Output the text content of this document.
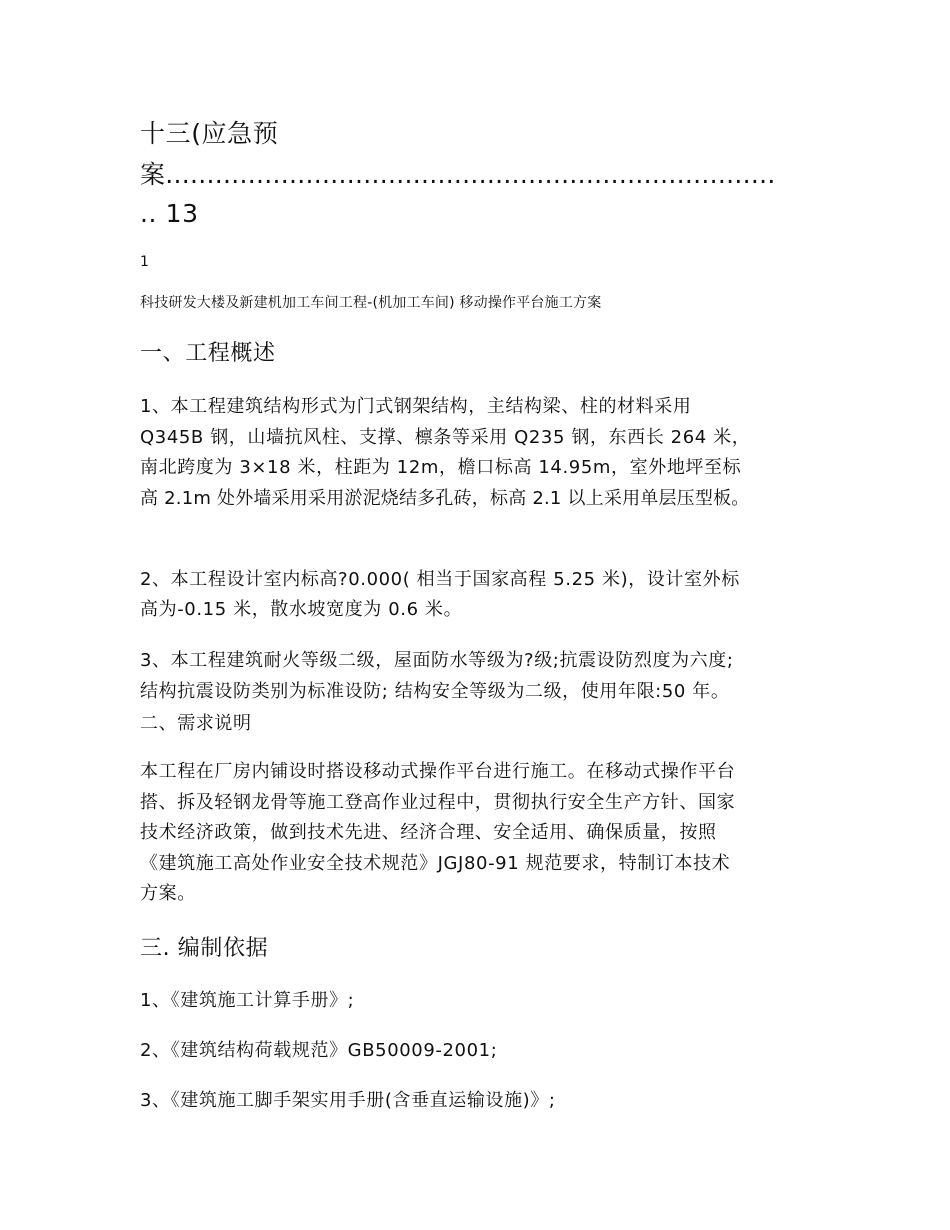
十三(应急预
案..........................................................................
.. 13
1
科技研发大楼及新建机加工车间工程-(机加工车间) 移动操作平台施工方案
一、工程概述
1、本工程建筑结构形式为门式钢架结构，主结构梁、柱的材料采用
Q345B 钢，山墙抗风柱、支撑、檩条等采用 Q235 钢，东西长 264 米，
南北跨度为 3×18 米，柱距为 12m，檐口标高 14.95m，室外地坪至标
高 2.1m 处外墙采用采用淤泥烧结多孔砖，标高 2.1 以上采用单层压型板。
2、本工程设计室内标高?0.000( 相当于国家高程 5.25 米)，设计室外标
高为-0.15 米，散水坡宽度为 0.6 米。
3、本工程建筑耐火等级二级，屋面防水等级为?级;抗震设防烈度为六度;
结构抗震设防类别为标准设防; 结构安全等级为二级，使用年限:50 年。
二、需求说明
本工程在厂房内铺设时搭设移动式操作平台进行施工。在移动式操作平台
搭、拆及轻钢龙骨等施工登高作业过程中，贯彻执行安全生产方针、国家
技术经济政策，做到技术先进、经济合理、安全适用、确保质量，按照
《建筑施工高处作业安全技术规范》JGJ80-91 规范要求，特制订本技术
方案。
三. 编制依据
1、《建筑施工计算手册》;
2、《建筑结构荷载规范》GB50009-2001;
3、《建筑施工脚手架实用手册(含垂直运输设施)》;
